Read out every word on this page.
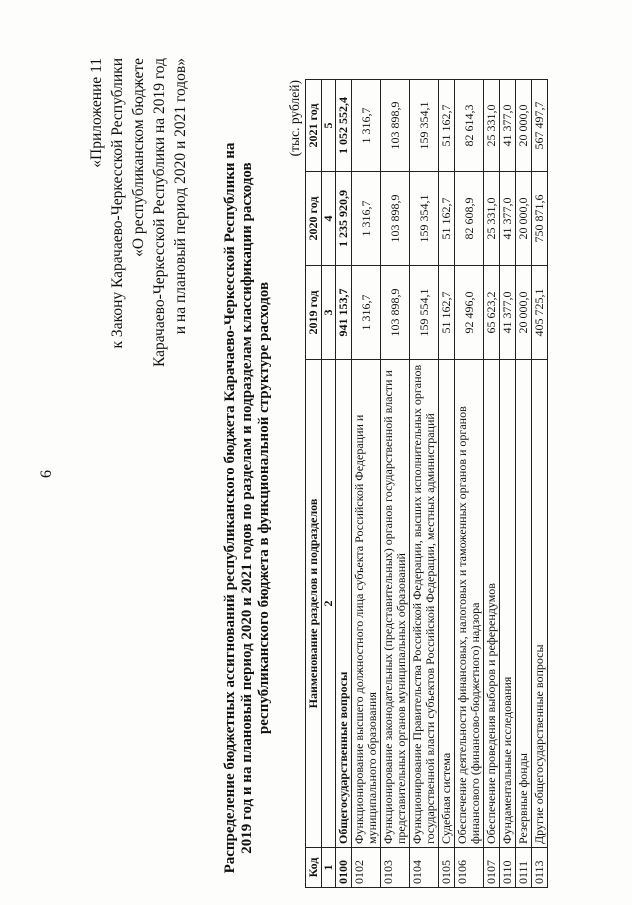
6
«Приложение 11 к Закону Карачаево-Черкесской Республики «О республиканском бюджете Карачаево-Черкесской Республики на 2019 год и на плановый период 2020 и 2021 годов» Распределение бюджетных ассигнований республиканского бюджета Карачаево-Черкесской Республики на 2019 год и на плановый период 2020 и 2021 годов по разделам и подразделам классификации расходов республиканского бюджета в функциональной структуре расходов
(тыс. рублей)
Код	Наименование разделов и подразделов	2019 год	2020 год	2021 год
1	2	3	4	5
0100	Общегосударственные вопросы	941 153,7	1 235 920,9	1 052 552,4
0102	Функционирование высшего должностного лица субъекта Российской Федерации и муниципального образования	1 316,7	1 316,7	1 316,7
0103	Функционирование законодательных (представительных) органов государственной власти и представительных органов муниципальных образований	103 898,9	103 898,9	103 898,9
0104	Функционирование Правительства Российской Федерации, высших исполнительных органов государственной власти субъектов Российской Федерации, местных администраций	159 554,1	159 354,1	159 354,1
0105	Судебная система	51 162,7	51 162,7	51 162,7
0106	Обеспечение деятельности финансовых, налоговых и таможенных органов и органов финансового (финансово-бюджетного) надзора	92 496,0	82 608,9	82 614,3
0107	Обеспечение проведения выборов и референдумов	65 623,2	25 331,0	25 331,0
0110	Фундаментальные исследования	41 377,0	41 377,0	41 377,0
0111	Резервные фонды	20 000,0	20 000,0	20 000,0
0113	Другие общегосударственные вопросы	405 725,1	750 871,6	567 497,7
